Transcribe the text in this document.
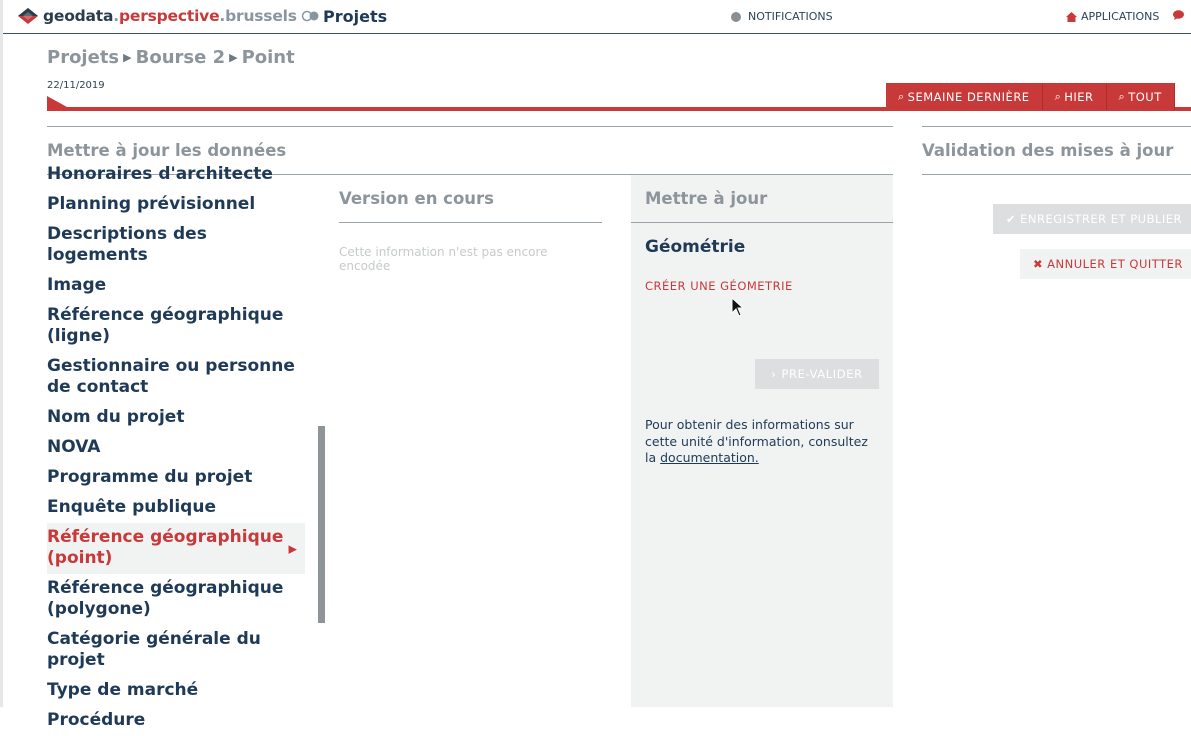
geodata.perspective.brussels Projets	NOTIFICATIONS	APPLICATIONS
Projets ▶ Bourse 2 ▶ Point
22/11/2019
⌕ SEMAINE DERNIÈRE ⌕ HIER ⌕ TOUT
Mettre à jour les données	Validation des mises à jour
Honoraires d'architecte
Planning prévisionnel
Descriptions des logements
Image
Référence géographique (ligne)
Gestionnaire ou personne de contact
Nom du projet
NOVA
Programme du projet
Enquête publique
Référence géographique (point)	▶
Référence géographique (polygone)
Catégorie générale du projet
Type de marché
Procédure
Version en cours
Cette information n'est pas encore encodée
Mettre à jour
Géométrie
CRÉER UNE GÉOMETRIE
› PRE-VALIDER
Pour obtenir des informations sur cette unité d'information, consultez la documentation.
✔ ENREGISTRER ET PUBLIER
✖ ANNULER ET QUITTER
